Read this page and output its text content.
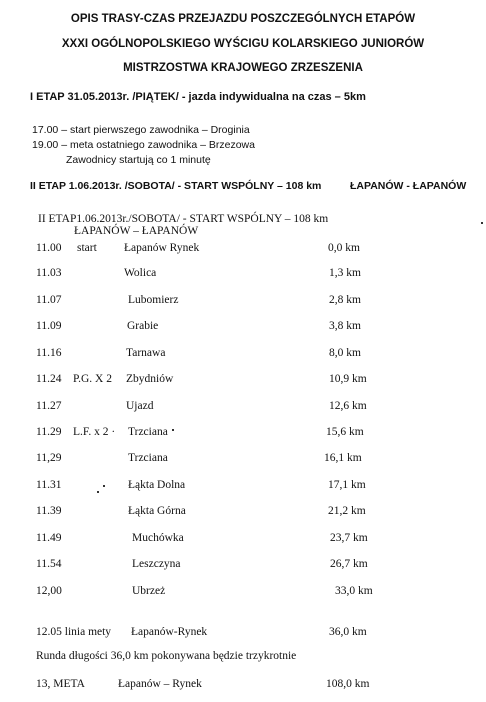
OPIS TRASY-CZAS PRZEJAZDU POSZCZEGÓLNYCH ETAPÓW
XXXI OGÓLNOPOLSKIEGO WYŚCIGU KOLARSKIEGO JUNIORÓW
MISTRZOSTWA KRAJOWEGO ZRZESZENIA
I ETAP 31.05.2013r. /PIĄTEK/ - jazda indywidualna na czas – 5km
17.00 – start pierwszego zawodnika – Droginia
19.00 – meta ostatniego zawodnika – Brzezowa
Zawodnicy startują co 1 minutę
II ETAP 1.06.2013r. /SOBOTA/ - START WSPÓLNY – 108 km	ŁAPANÓW - ŁAPANÓW
II ETAP1.06.2013r./SOBOTA/ - START WSPÓLNY – 108 km
ŁAPANÓW – ŁAPANÓW
11.00 start Łapanów Rynek	0,0 km
11.03	Wolica	1,3 km
11.07	Lubomierz	2,8 km
11.09	Grabie	3,8 km
11.16	Tarnawa	8,0 km
11.24 P.G. X 2 Zbydniów	10,9 km
11.27	Ujazd	12,6 km
11.29 L.F. x 2 · Trzciana	15,6 km
11,29	Trzciana	16,1 km
11.31	Łąkta Dolna	17,1 km
11.39	Łąkta Górna	21,2 km
11.49	Muchówka	23,7 km
11.54	Leszczyna	26,7 km
12,00	Ubrzeż	33,0 km
12.05 linia mety Łapanów-Rynek	36,0 km
Runda długości 36,0 km pokonywana będzie trzykrotnie
13, META	Łapanów – Rynek	108,0 km
